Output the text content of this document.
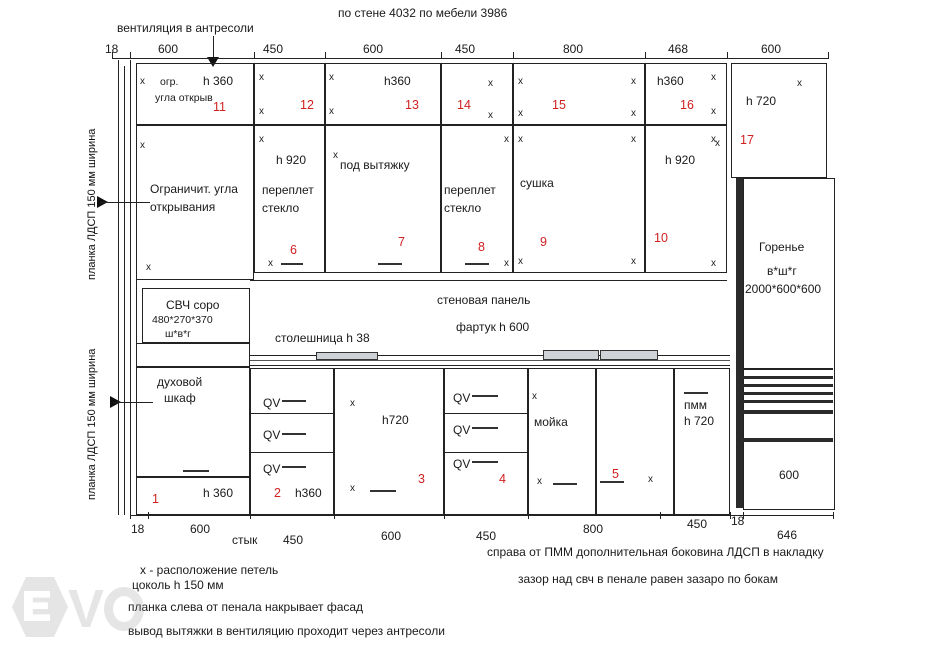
по стене 4032 по мебели 3986
вентиляция в антресоли
18	600	450	600	450	800	468	600
планка ЛДСП 150 мм ширина
планка ЛДСП 150 мм ширина
огр.
угла открыв
h 360
11
x
12
x
x
h360
13
x
x	14
x
x
15
x	x
x	x
h360
16
x
x
h 720
17
x
x
Ограничит. угла
открывания
x
x
h 920
переплет
стекло
6
x
x
под вытяжку
7
x
переплет
стекло
8
x
x
сушка
9
x	x
x	x
h 920
10
x
x
СВЧ copo
480*270*370
ш*в*г
духовой
шкаф
стеновая панель
фартук h 600
столешница h 38
QV
QV
QV
h720
3
x
x
QV
QV
QV
4
мойка
x
x
5	x
пмм
h 720
1	h 360	2 h360
Горенье
в*ш*г
2000*600*600
600
18	600
стык 450	600	450	800	450 18
646
х - расположение петель
цоколь h 150 мм
планка слева от пенала накрывает фасад
вывод вытяжки в вентиляцию проходит через антресоли
справа от ПММ дополнительная боковина ЛДСП в накладку
зазор над свч в пенале равен зазаро по бокам
V
